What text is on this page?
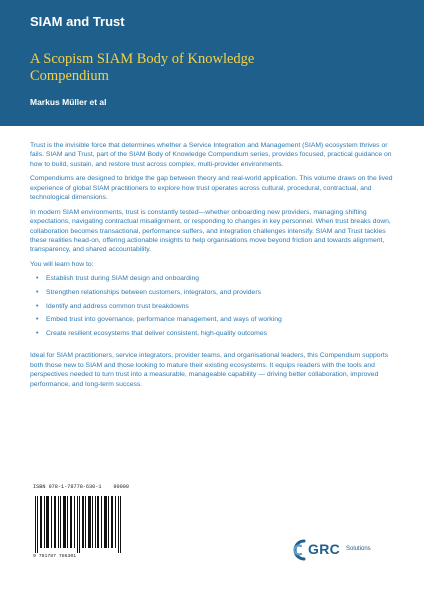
SIAM and Trust
A Scopism SIAM Body of Knowledge Compendium
Markus Müller et al

Trust is the invisible force that determines whether a Service Integration and Management (SIAM) ecosystem thrives or fails. SIAM and Trust, part of the SIAM Body of Knowledge Compendium series, provides focused, practical guidance on how to build, sustain, and restore trust across complex, multi-provider environments.

Compendiums are designed to bridge the gap between theory and real-world application. This volume draws on the lived experience of global SIAM practitioners to explore how trust operates across cultural, procedural, contractual, and technological dimensions.

In modern SIAM environments, trust is constantly tested—whether onboarding new providers, managing shifting expectations, navigating contractual misalignment, or responding to changes in key personnel. When trust breaks down, collaboration becomes transactional, performance suffers, and integration challenges intensify. SIAM and Trust tackles these realities head-on, offering actionable insights to help organisations move beyond friction and towards alignment, transparency, and shared accountability.

You will learn how to:

• Establish trust during SIAM design and onboarding
• Strengthen relationships between customers, integrators, and providers
• Identify and address common trust breakdowns
• Embed trust into governance, performance management, and ways of working
• Create resilient ecosystems that deliver consistent, high-quality outcomes

Ideal for SIAM practitioners, service integrators, provider teams, and organisational leaders, this Compendium supports both those new to SIAM and those looking to mature their existing ecosystems. It equips readers with the tools and perspectives needed to turn trust into a measurable, manageable capability — driving better collaboration, improved performance, and long-term success.

ISBN 978-1-78778-630-1 90000
9 781787 786301	GRC Solutions
